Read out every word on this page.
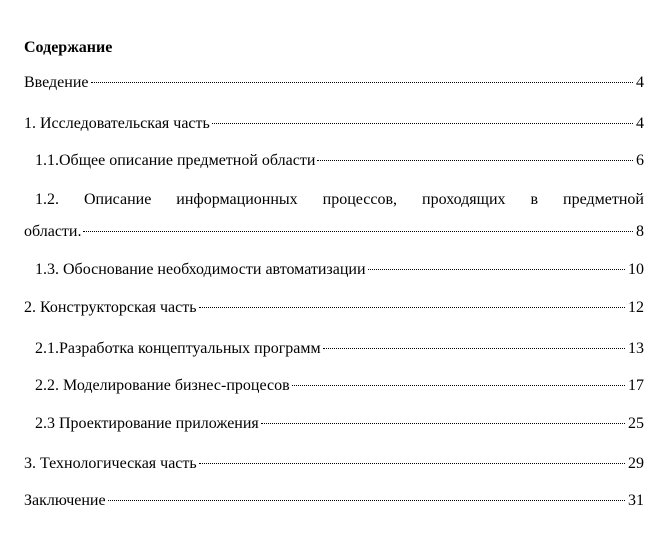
Содержание
Введение	4
1. Исследовательская часть	4
1.1.Общее описание предметной области	6
1.2.  Описание  информационных  процессов,  проходящих  в  предметной
области.	8
1.3. Обоснование необходимости автоматизации	10
2. Конструкторская часть	12
2.1.Разработка концептуальных программ	13
2.2. Моделирование бизнес-процесов	17
2.3 Проектирование приложения	25
3. Технологическая часть	29
Заключение	31
